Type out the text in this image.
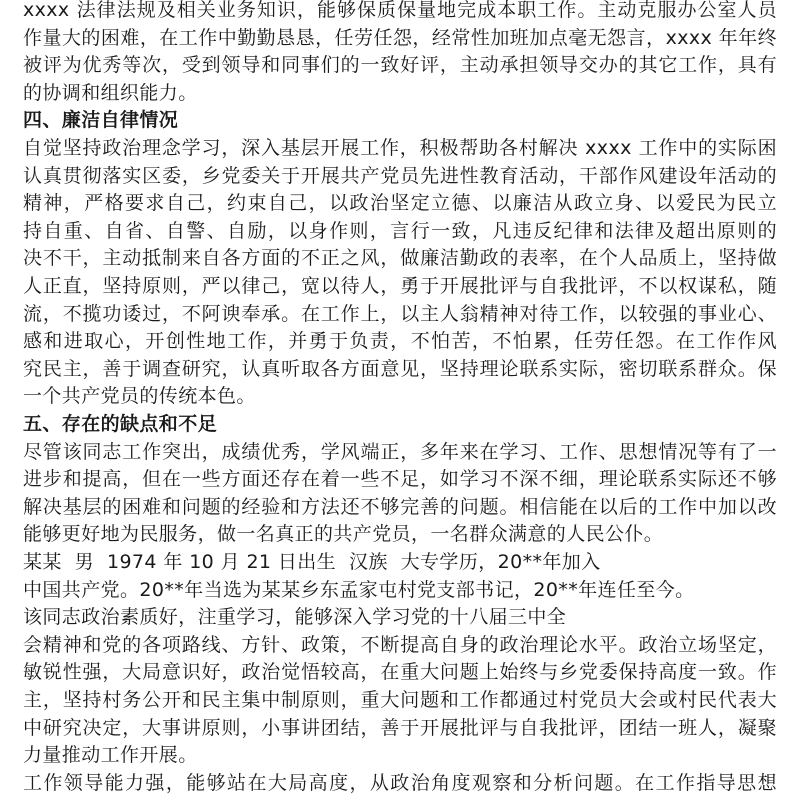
xxxx 法律法规及相关业务知识，能够保质保量地完成本职工作。主动克服办公室人员
作量大的困难，在工作中勤勤恳恳，任劳任怨，经常性加班加点毫无怨言，xxxx 年年终
被评为优秀等次，受到领导和同事们的一致好评，主动承担领导交办的其它工作，具有
的协调和组织能力。
四、廉洁自律情况
自觉坚持政治理念学习，深入基层开展工作，积极帮助各村解决 xxxx 工作中的实际困
认真贯彻落实区委，乡党委关于开展共产党员先进性教育活动，干部作风建设年活动的
精神，严格要求自己，约束自己，以政治坚定立德、以廉洁从政立身、以爱民为民立
持自重、自省、自警、自励，以身作则，言行一致，凡违反纪律和法律及超出原则的
决不干，主动抵制来自各方面的不正之风，做廉洁勤政的表率，在个人品质上，坚持做
人正直，坚持原则，严以律己，宽以待人，勇于开展批评与自我批评，不以权谋私，随
流，不揽功诿过，不阿谀奉承。在工作上，以主人翁精神对待工作，以较强的事业心、
感和进取心，开创性地工作，并勇于负责，不怕苦，不怕累，任劳任怨。在工作作风
究民主，善于调查研究，认真听取各方面意见，坚持理论联系实际，密切联系群众。保
一个共产党员的传统本色。
五、存在的缺点和不足
尽管该同志工作突出，成绩优秀，学风端正，多年来在学习、工作、思想情况等有了一
进步和提高，但在一些方面还存在着一些不足，如学习不深不细，理论联系实际还不够
解决基层的困难和问题的经验和方法还不够完善的问题。相信能在以后的工作中加以改
能够更好地为民服务，做一名真正的共产党员，一名群众满意的人民公仆。
某某  男  1974 年 10 月 21 日出生  汉族  大专学历，20**年加入
中国共产党。20**年当选为某某乡东孟家屯村党支部书记，20**年连任至今。
该同志政治素质好，注重学习，能够深入学习党的十八届三中全
会精神和党的各项路线、方针、政策，不断提高自身的政治理论水平。政治立场坚定，
敏锐性强，大局意识好，政治觉悟较高，在重大问题上始终与乡党委保持高度一致。作
主，坚持村务公开和民主集中制原则，重大问题和工作都通过村党员大会或村民代表大
中研究决定，大事讲原则，小事讲团结，善于开展批评与自我批评，团结一班人，凝聚
力量推动工作开展。
工作领导能力强，能够站在大局高度，从政治角度观察和分析问题。在工作指导思想
